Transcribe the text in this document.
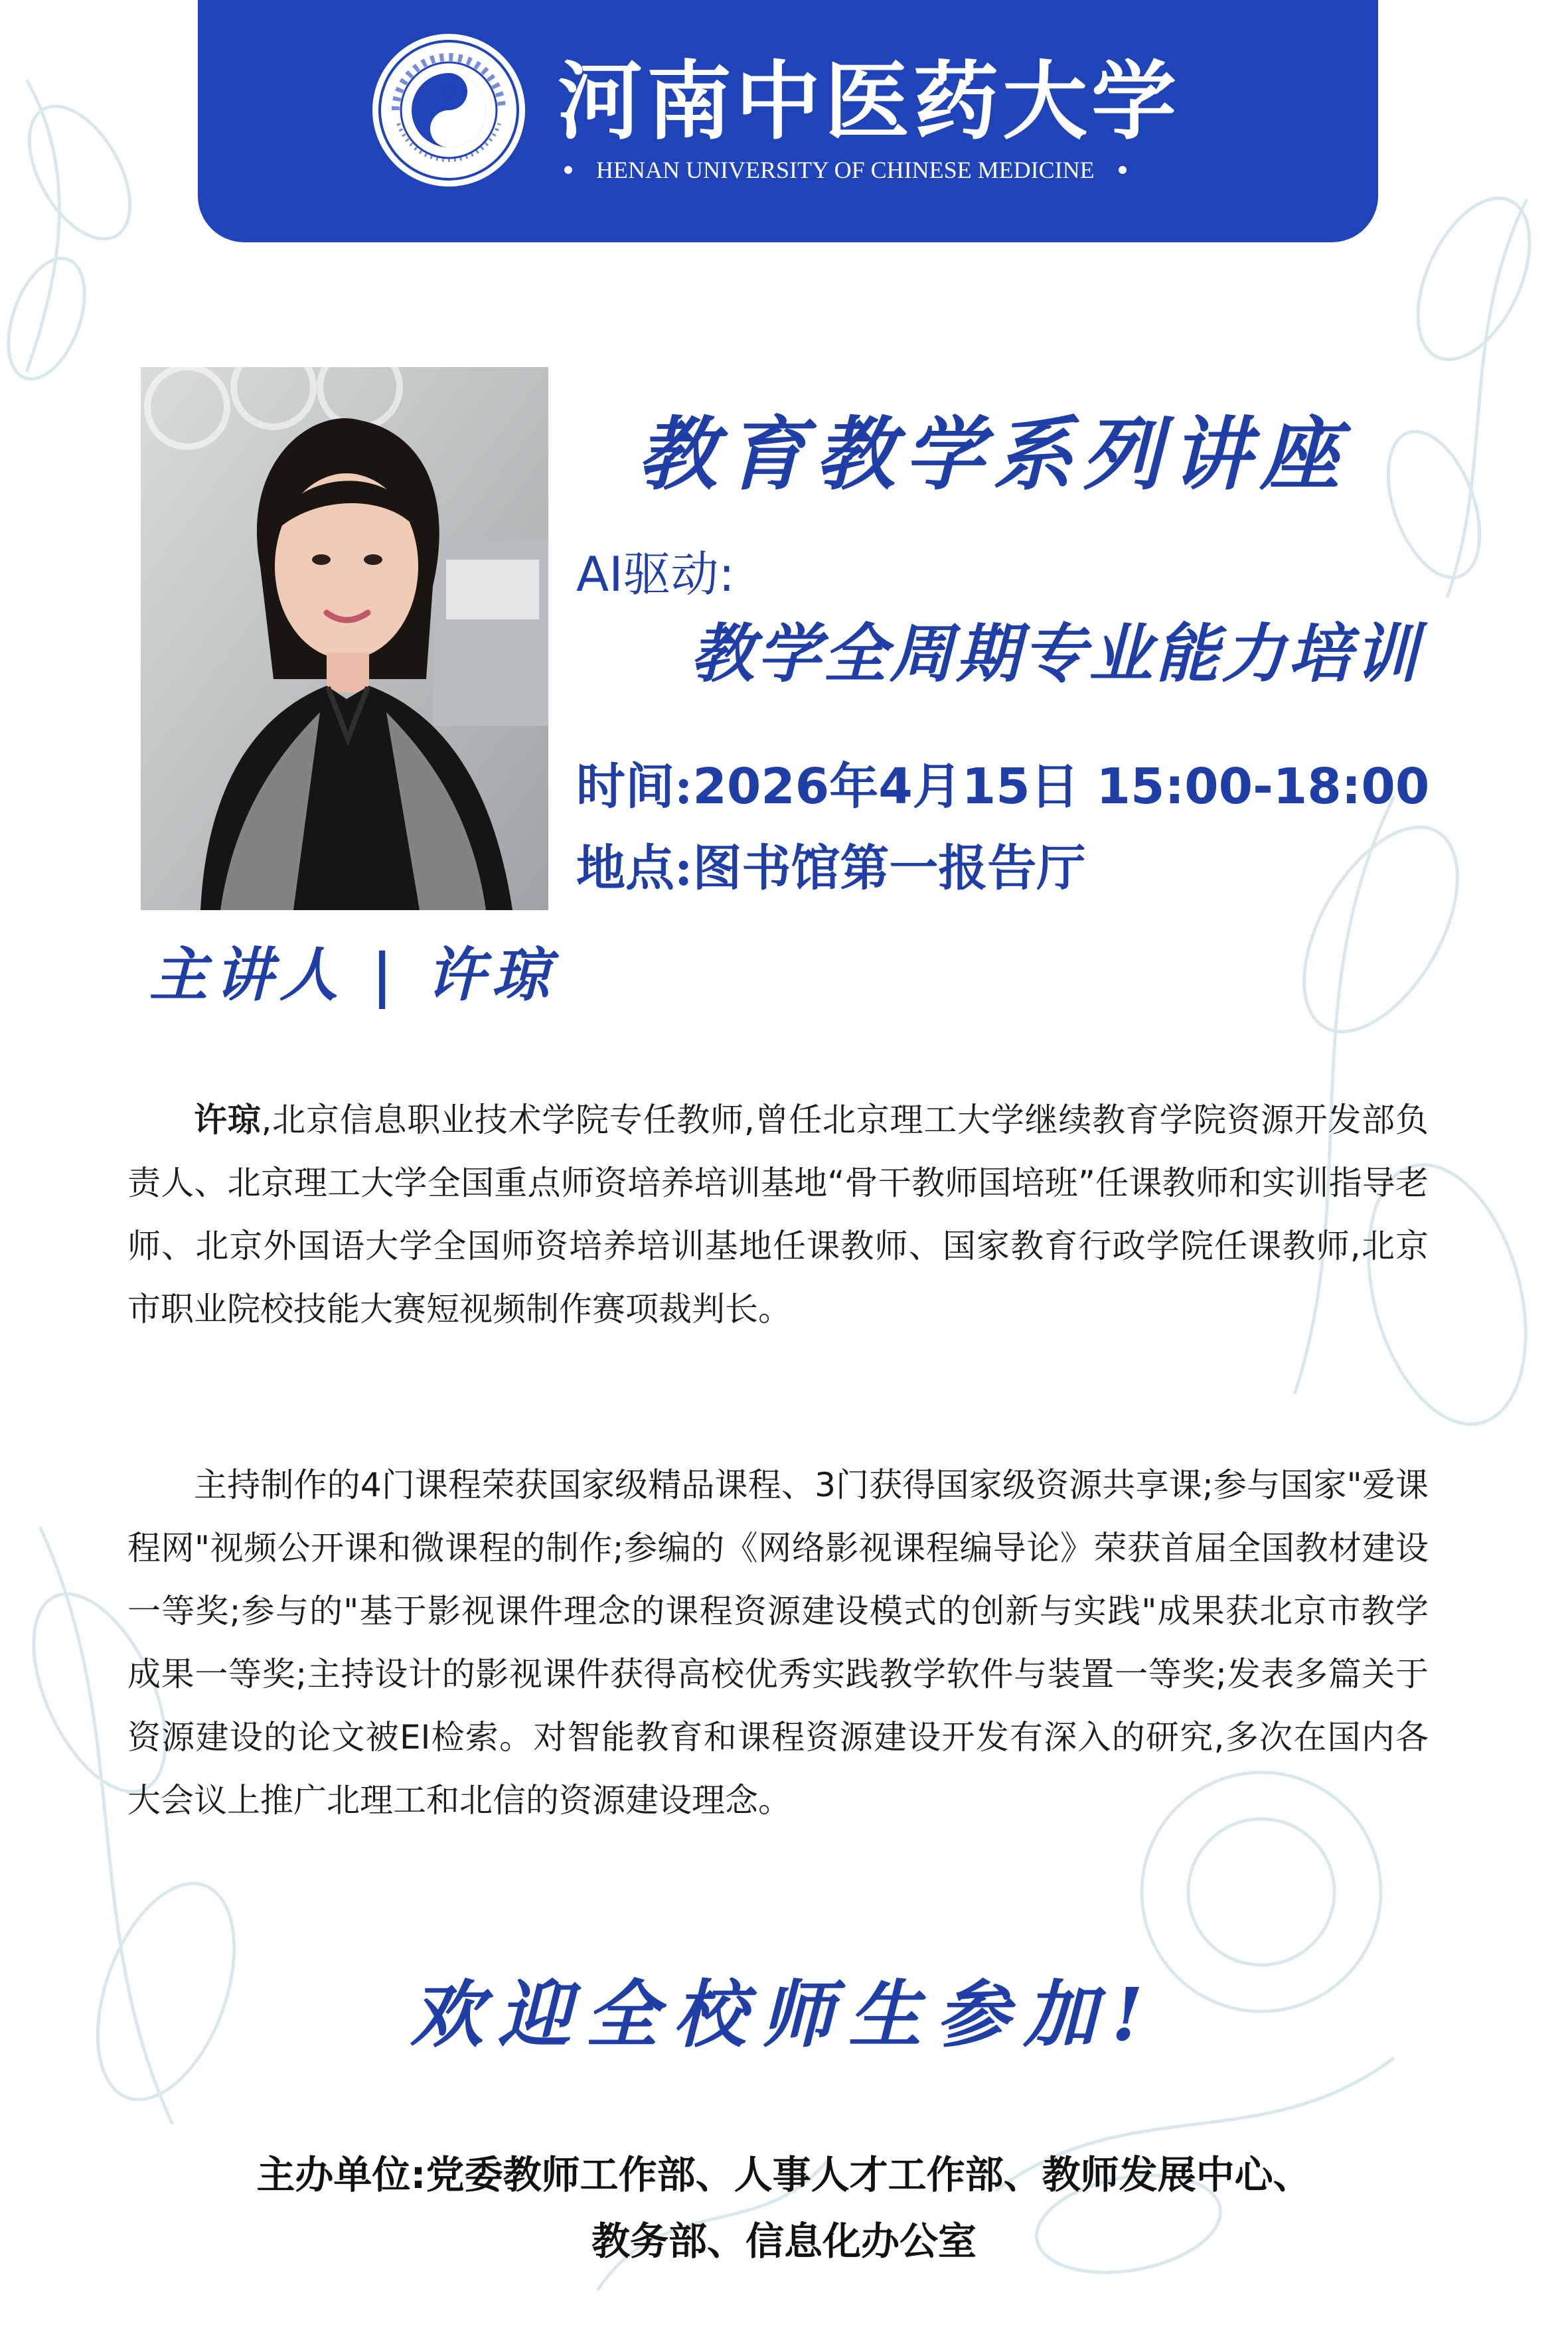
河南中医药大学
HENAN UNIVERSITY OF CHINESE MEDICINE
教育教学系列讲座
AI驱动:
教学全周期专业能力培训
时间:2026年4月15日 15:00-18:00
地点:图书馆第一报告厅
主讲人 | 许琼

许琼,北京信息职业技术学院专任教师,曾任北京理工大学继续教育学院资源开发部负责人、北京理工大学全国重点师资培养培训基地“骨干教师国培班”任课教师和实训指导老师、北京外国语大学全国师资培养培训基地任课教师、国家教育行政学院任课教师,北京市职业院校技能大赛短视频制作赛项裁判长。

主持制作的4门课程荣获国家级精品课程、3门获得国家级资源共享课;参与国家"爱课程网"视频公开课和微课程的制作;参编的《网络影视课程编导论》荣获首届全国教材建设一等奖;参与的"基于影视课件理念的课程资源建设模式的创新与实践"成果获北京市教学成果一等奖;主持设计的影视课件获得高校优秀实践教学软件与装置一等奖;发表多篇关于资源建设的论文被EI检索。对智能教育和课程资源建设开发有深入的研究,多次在国内各大会议上推广北理工和北信的资源建设理念。

欢迎全校师生参加!
主办单位:党委教师工作部、人事人才工作部、教师发展中心、
教务部、信息化办公室
